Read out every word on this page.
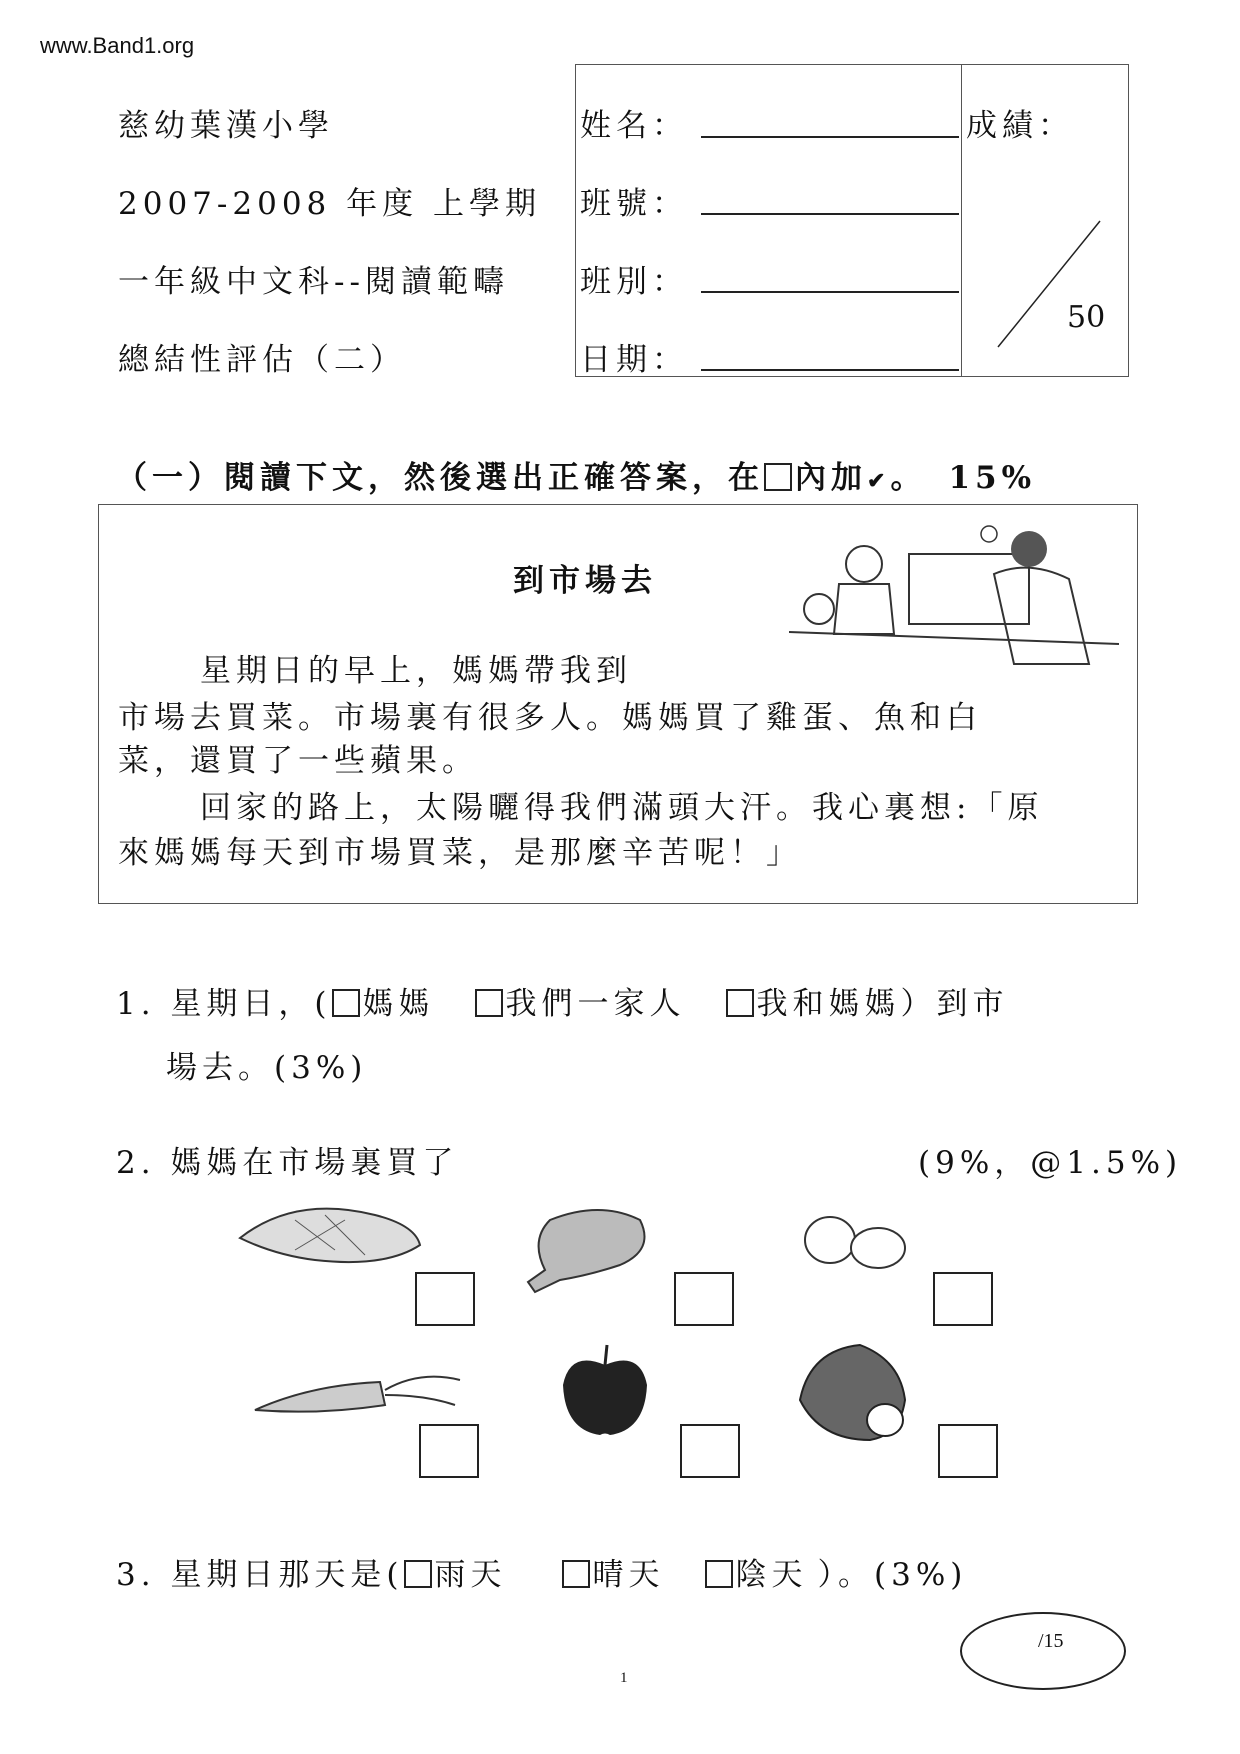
www.Band1.org
慈幼葉漢小學
2007-2008 年度 上學期
一年級中文科--閱讀範疇
總結性評估（二）
姓名：
班號：
班別：
日期：
成績：
50
（一）閱讀下文，然後選出正確答案，在 內加✔。 15%
到市場去
星期日的早上，媽媽帶我到
市場去買菜。市場裏有很多人。媽媽買了雞蛋、魚和白
菜，還買了一些蘋果。
回家的路上，太陽曬得我們滿頭大汗。我心裏想:「原
來媽媽每天到市場買菜，是那麼辛苦呢！」
1. 星期日，( 媽媽 我們一家人 我和媽媽）到市
場去。(3%)
2. 媽媽在市場裏買了	(9%，@1.5%)
3. 星期日那天是( 雨天	晴天 陰天 ）。(3%)
/15
1
